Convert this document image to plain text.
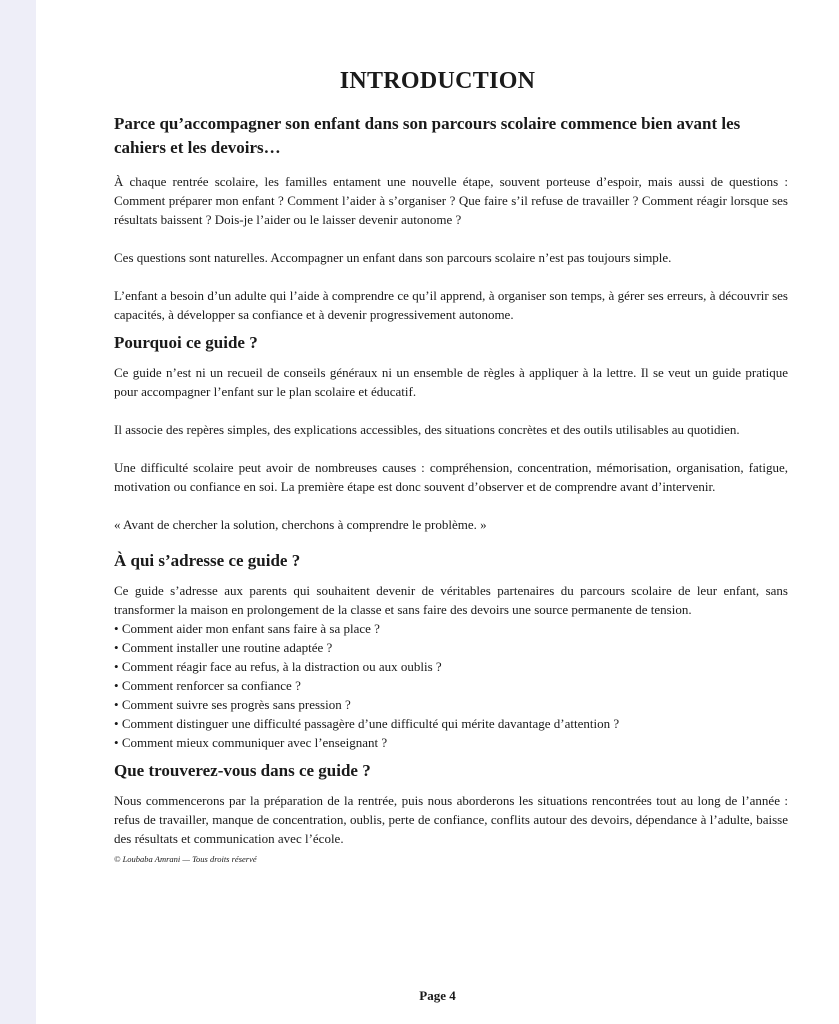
INTRODUCTION
Parce qu’accompagner son enfant dans son parcours scolaire commence bien avant les cahiers et les devoirs…

À chaque rentrée scolaire, les familles entament une nouvelle étape, souvent porteuse d’espoir, mais aussi de questions : Comment préparer mon enfant ? Comment l’aider à s’organiser ? Que faire s’il refuse de travailler ? Comment réagir lorsque ses résultats baissent ? Dois-je l’aider ou le laisser devenir autonome ?

Ces questions sont naturelles. Accompagner un enfant dans son parcours scolaire n’est pas toujours simple.

L’enfant a besoin d’un adulte qui l’aide à comprendre ce qu’il apprend, à organiser son temps, à gérer ses erreurs, à découvrir ses capacités, à développer sa confiance et à devenir progressivement autonome.

Pourquoi ce guide ?

Ce guide n’est ni un recueil de conseils généraux ni un ensemble de règles à appliquer à la lettre. Il se veut un guide pratique pour accompagner l’enfant sur le plan scolaire et éducatif.

Il associe des repères simples, des explications accessibles, des situations concrètes et des outils utilisables au quotidien.

Une difficulté scolaire peut avoir de nombreuses causes : compréhension, concentration, mémorisation, organisation, fatigue, motivation ou confiance en soi. La première étape est donc souvent d’observer et de comprendre avant d’intervenir.

« Avant de chercher la solution, cherchons à comprendre le problème. »

À qui s’adresse ce guide ?

Ce guide s’adresse aux parents qui souhaitent devenir de véritables partenaires du parcours scolaire de leur enfant, sans transformer la maison en prolongement de la classe et sans faire des devoirs une source permanente de tension.

• Comment aider mon enfant sans faire à sa place ?
• Comment installer une routine adaptée ?
• Comment réagir face au refus, à la distraction ou aux oublis ?
• Comment renforcer sa confiance ?
• Comment suivre ses progrès sans pression ?
• Comment distinguer une difficulté passagère d’une difficulté qui mérite davantage d’attention ?
• Comment mieux communiquer avec l’enseignant ?
Que trouverez-vous dans ce guide ?

Nous commencerons par la préparation de la rentrée, puis nous aborderons les situations rencontrées tout au long de l’année : refus de travailler, manque de concentration, oublis, perte de confiance, conflits autour des devoirs, dépendance à l’adulte, baisse des résultats et communication avec l’école.

© Loubaba Amrani — Tous droits réservé
Page 4
